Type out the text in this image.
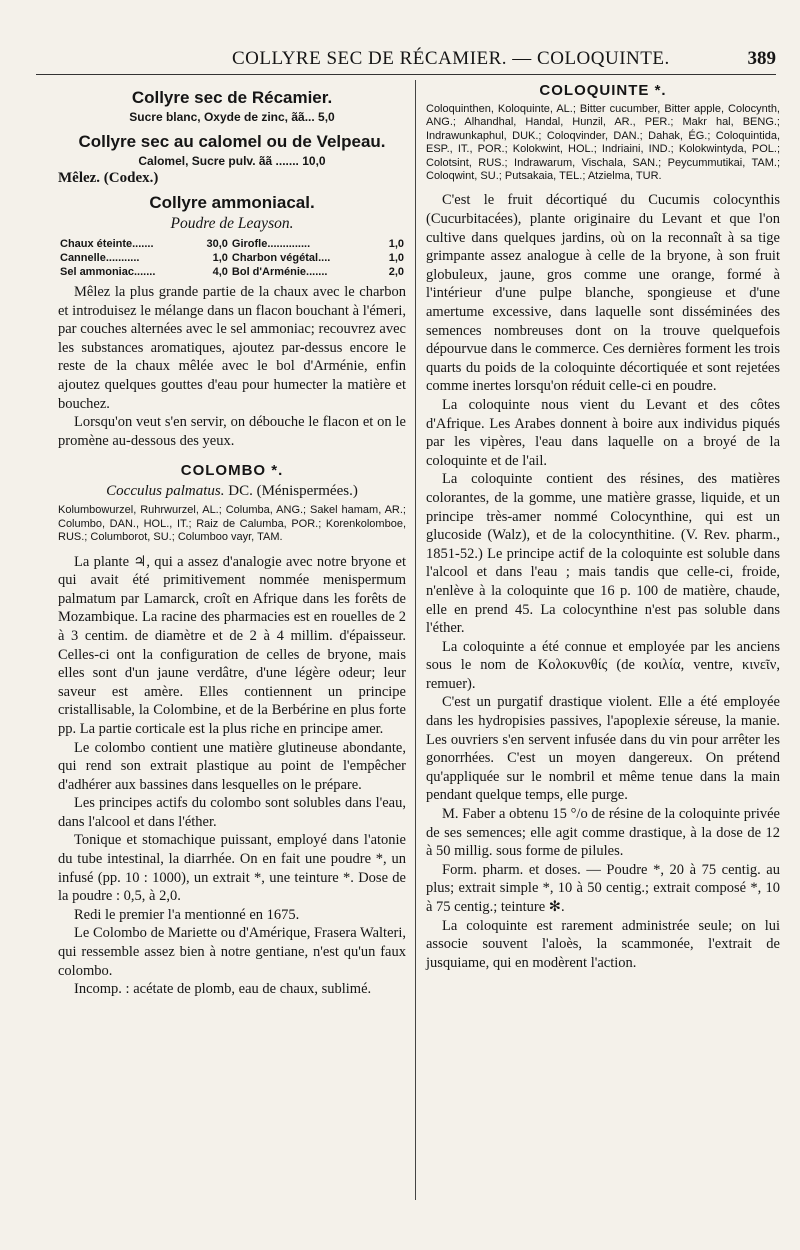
COLLYRE SEC DE RÉCAMIER. — COLOQUINTE.	389
Collyre sec de Récamier.
Sucre blanc, Oxyde de zinc, ãã... 5,0
Collyre sec au calomel ou de Velpeau.
Calomel, Sucre pulv. ãã ....... 10,0
Mêlez. (Codex.)
Collyre ammoniacal.
Poudre de Leayson.
Chaux éteinte.......	30,0	Girofle..............	1,0
Cannelle...........	1,0	Charbon végétal....	1,0
Sel ammoniac.......	4,0	Bol d'Arménie.......	2,0

Mêlez la plus grande partie de la chaux avec le charbon et introduisez le mélange dans un flacon bouchant à l'émeri, par couches alternées avec le sel ammoniac; recouvrez avec les substances aromatiques, ajoutez par-dessus encore le reste de la chaux mêlée avec le bol d'Arménie, enfin ajoutez quelques gouttes d'eau pour humecter la matière et bouchez.

Lorsqu'on veut s'en servir, on débouche le flacon et on le promène au-dessous des yeux.

COLOMBO *.
Cocculus palmatus. DC. (Ménispermées.)
Kolumbowurzel, Ruhrwurzel, AL.; Columba, ANG.; Sakel hamam, AR.; Columbo, DAN., HOL., IT.; Raiz de Calumba, POR.; Korenkolomboe, RUS.; Columborot, SU.; Columboo vayr, TAM.

La plante ♃, qui a assez d'analogie avec notre bryone et qui avait été primitivement nommée menispermum palmatum par Lamarck, croît en Afrique dans les forêts de Mozambique. La racine des pharmacies est en rouelles de 2 à 3 centim. de diamètre et de 2 à 4 millim. d'épaisseur. Celles-ci ont la configuration de celles de bryone, mais elles sont d'un jaune verdâtre, d'une légère odeur; leur saveur est amère. Elles contiennent un principe cristallisable, la Colombine, et de la Berbérine en plus forte pp. La partie corticale est la plus riche en principe amer.

Le colombo contient une matière glutineuse abondante, qui rend son extrait plastique au point de l'empêcher d'adhérer aux bassines dans lesquelles on le prépare.

Les principes actifs du colombo sont solubles dans l'eau, dans l'alcool et dans l'éther.

Tonique et stomachique puissant, employé dans l'atonie du tube intestinal, la diarrhée. On en fait une poudre *, un infusé (pp. 10 : 1000), un extrait *, une teinture *. Dose de la poudre : 0,5, à 2,0.

Redi le premier l'a mentionné en 1675.

Le Colombo de Mariette ou d'Amérique, Frasera Walteri, qui ressemble assez bien à notre gentiane, n'est qu'un faux colombo.

Incomp. : acétate de plomb, eau de chaux, sublimé.

COLOQUINTE *.
Coloquinthen, Koloquinte, AL.; Bitter cucumber, Bitter apple, Colocynth, ANG.; Alhandhal, Handal, Hunzil, AR., PER.; Makr hal, BENG.; Indrawunkaphul, DUK.; Coloqvinder, DAN.; Dahak, ÉG.; Coloquintida, ESP., IT., POR.; Kolokwint, HOL.; Indriaini, IND.; Kolokwintyda, POL.; Colotsint, RUS.; Indrawarum, Vischala, SAN.; Peycummutikai, TAM.; Coloqwint, SU.; Putsakaia, TEL.; Atzielma, TUR.

C'est le fruit décortiqué du Cucumis colocynthis (Cucurbitacées), plante originaire du Levant et que l'on cultive dans quelques jardins, où on la reconnaît à sa tige grimpante assez analogue à celle de la bryone, à son fruit globuleux, jaune, gros comme une orange, formé à l'intérieur d'une pulpe blanche, spongieuse et d'une amertume excessive, dans laquelle sont disséminées des semences nombreuses dont on la trouve quelquefois dépourvue dans le commerce. Ces dernières forment les trois quarts du poids de la coloquinte décortiquée et sont rejetées comme inertes lorsqu'on réduit celle-ci en poudre.

La coloquinte nous vient du Levant et des côtes d'Afrique. Les Arabes donnent à boire aux individus piqués par les vipères, l'eau dans laquelle on a broyé de la coloquinte et de l'ail.

La coloquinte contient des résines, des matières colorantes, de la gomme, une matière grasse, liquide, et un principe très-amer nommé Colocynthine, qui est un glucoside (Walz), et de la colocynthitine. (V. Rev. pharm., 1851-52.) Le principe actif de la coloquinte est soluble dans l'alcool et dans l'eau ; mais tandis que celle-ci, froide, n'enlève à la coloquinte que 16 p. 100 de matière, chaude, elle en prend 45. La colocynthine n'est pas soluble dans l'éther.

La coloquinte a été connue et employée par les anciens sous le nom de Κολοκυνθίς (de κοιλία, ventre, κινεῖν, remuer).

C'est un purgatif drastique violent. Elle a été employée dans les hydropisies passives, l'apoplexie séreuse, la manie. Les ouvriers s'en servent infusée dans du vin pour arrêter les gonorrhées. C'est un moyen dangereux. On prétend qu'appliquée sur le nombril et même tenue dans la main pendant quelque temps, elle purge.

M. Faber a obtenu 15 °/o de résine de la coloquinte privée de ses semences; elle agit comme drastique, à la dose de 12 à 50 millig. sous forme de pilules.

Form. pharm. et doses. — Poudre *, 20 à 75 centig. au plus; extrait simple *, 10 à 50 centig.; extrait composé *, 10 à 75 centig.; teinture ✻.

La coloquinte est rarement administrée seule; on lui associe souvent l'aloès, la scammonée, l'extrait de jusquiame, qui en modèrent l'action.
